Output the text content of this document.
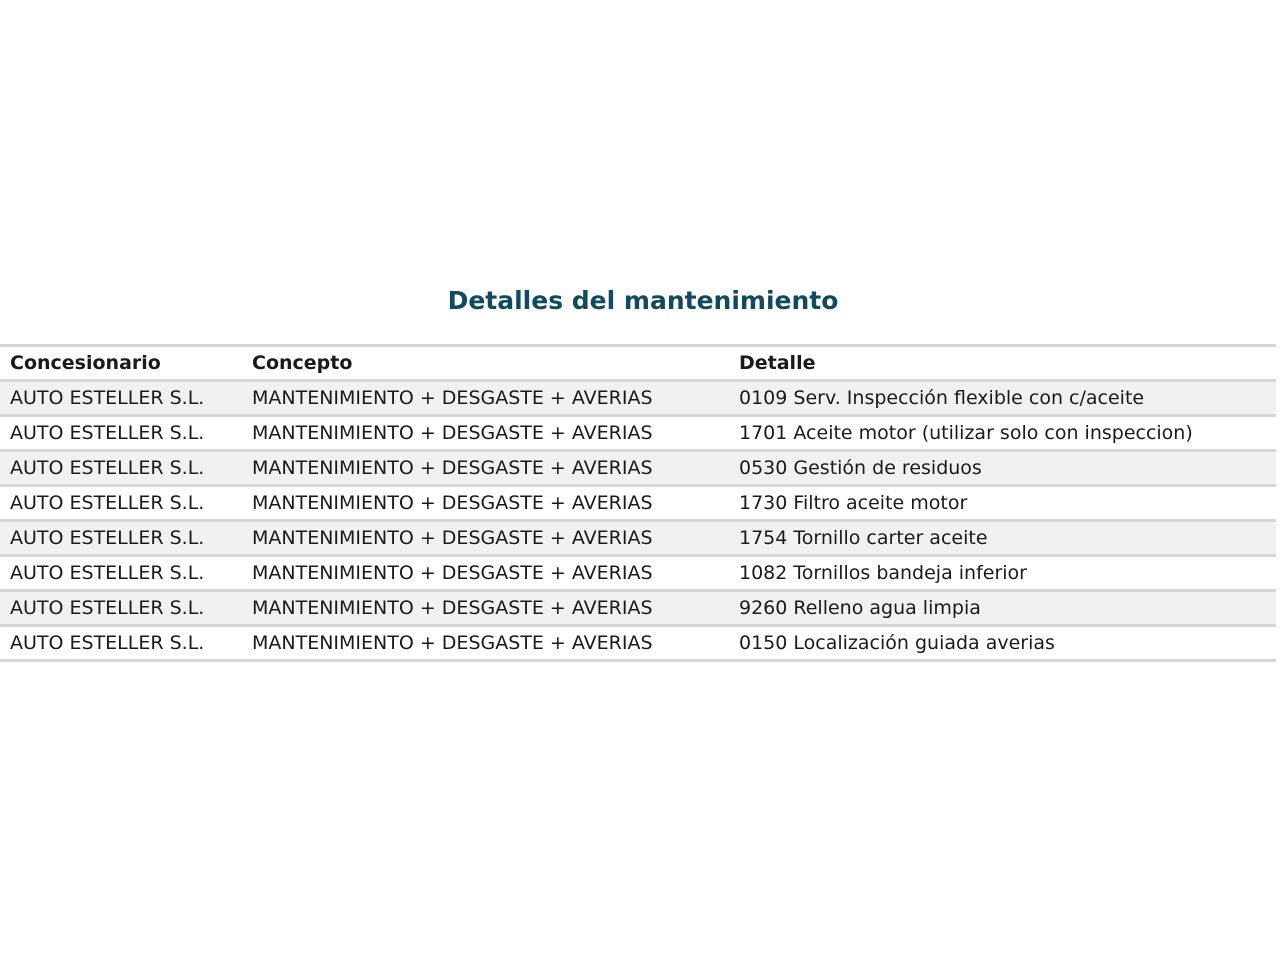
Detalles del mantenimiento
Concesionario	Concepto	Detalle
AUTO ESTELLER S.L.	MANTENIMIENTO + DESGASTE + AVERIAS	0109 Serv. Inspección flexible con c/aceite
AUTO ESTELLER S.L.	MANTENIMIENTO + DESGASTE + AVERIAS	1701 Aceite motor (utilizar solo con inspeccion)
AUTO ESTELLER S.L.	MANTENIMIENTO + DESGASTE + AVERIAS	0530 Gestión de residuos
AUTO ESTELLER S.L.	MANTENIMIENTO + DESGASTE + AVERIAS	1730 Filtro aceite motor
AUTO ESTELLER S.L.	MANTENIMIENTO + DESGASTE + AVERIAS	1754 Tornillo carter aceite
AUTO ESTELLER S.L.	MANTENIMIENTO + DESGASTE + AVERIAS	1082 Tornillos bandeja inferior
AUTO ESTELLER S.L.	MANTENIMIENTO + DESGASTE + AVERIAS	9260 Relleno agua limpia
AUTO ESTELLER S.L.	MANTENIMIENTO + DESGASTE + AVERIAS	0150 Localización guiada averias
